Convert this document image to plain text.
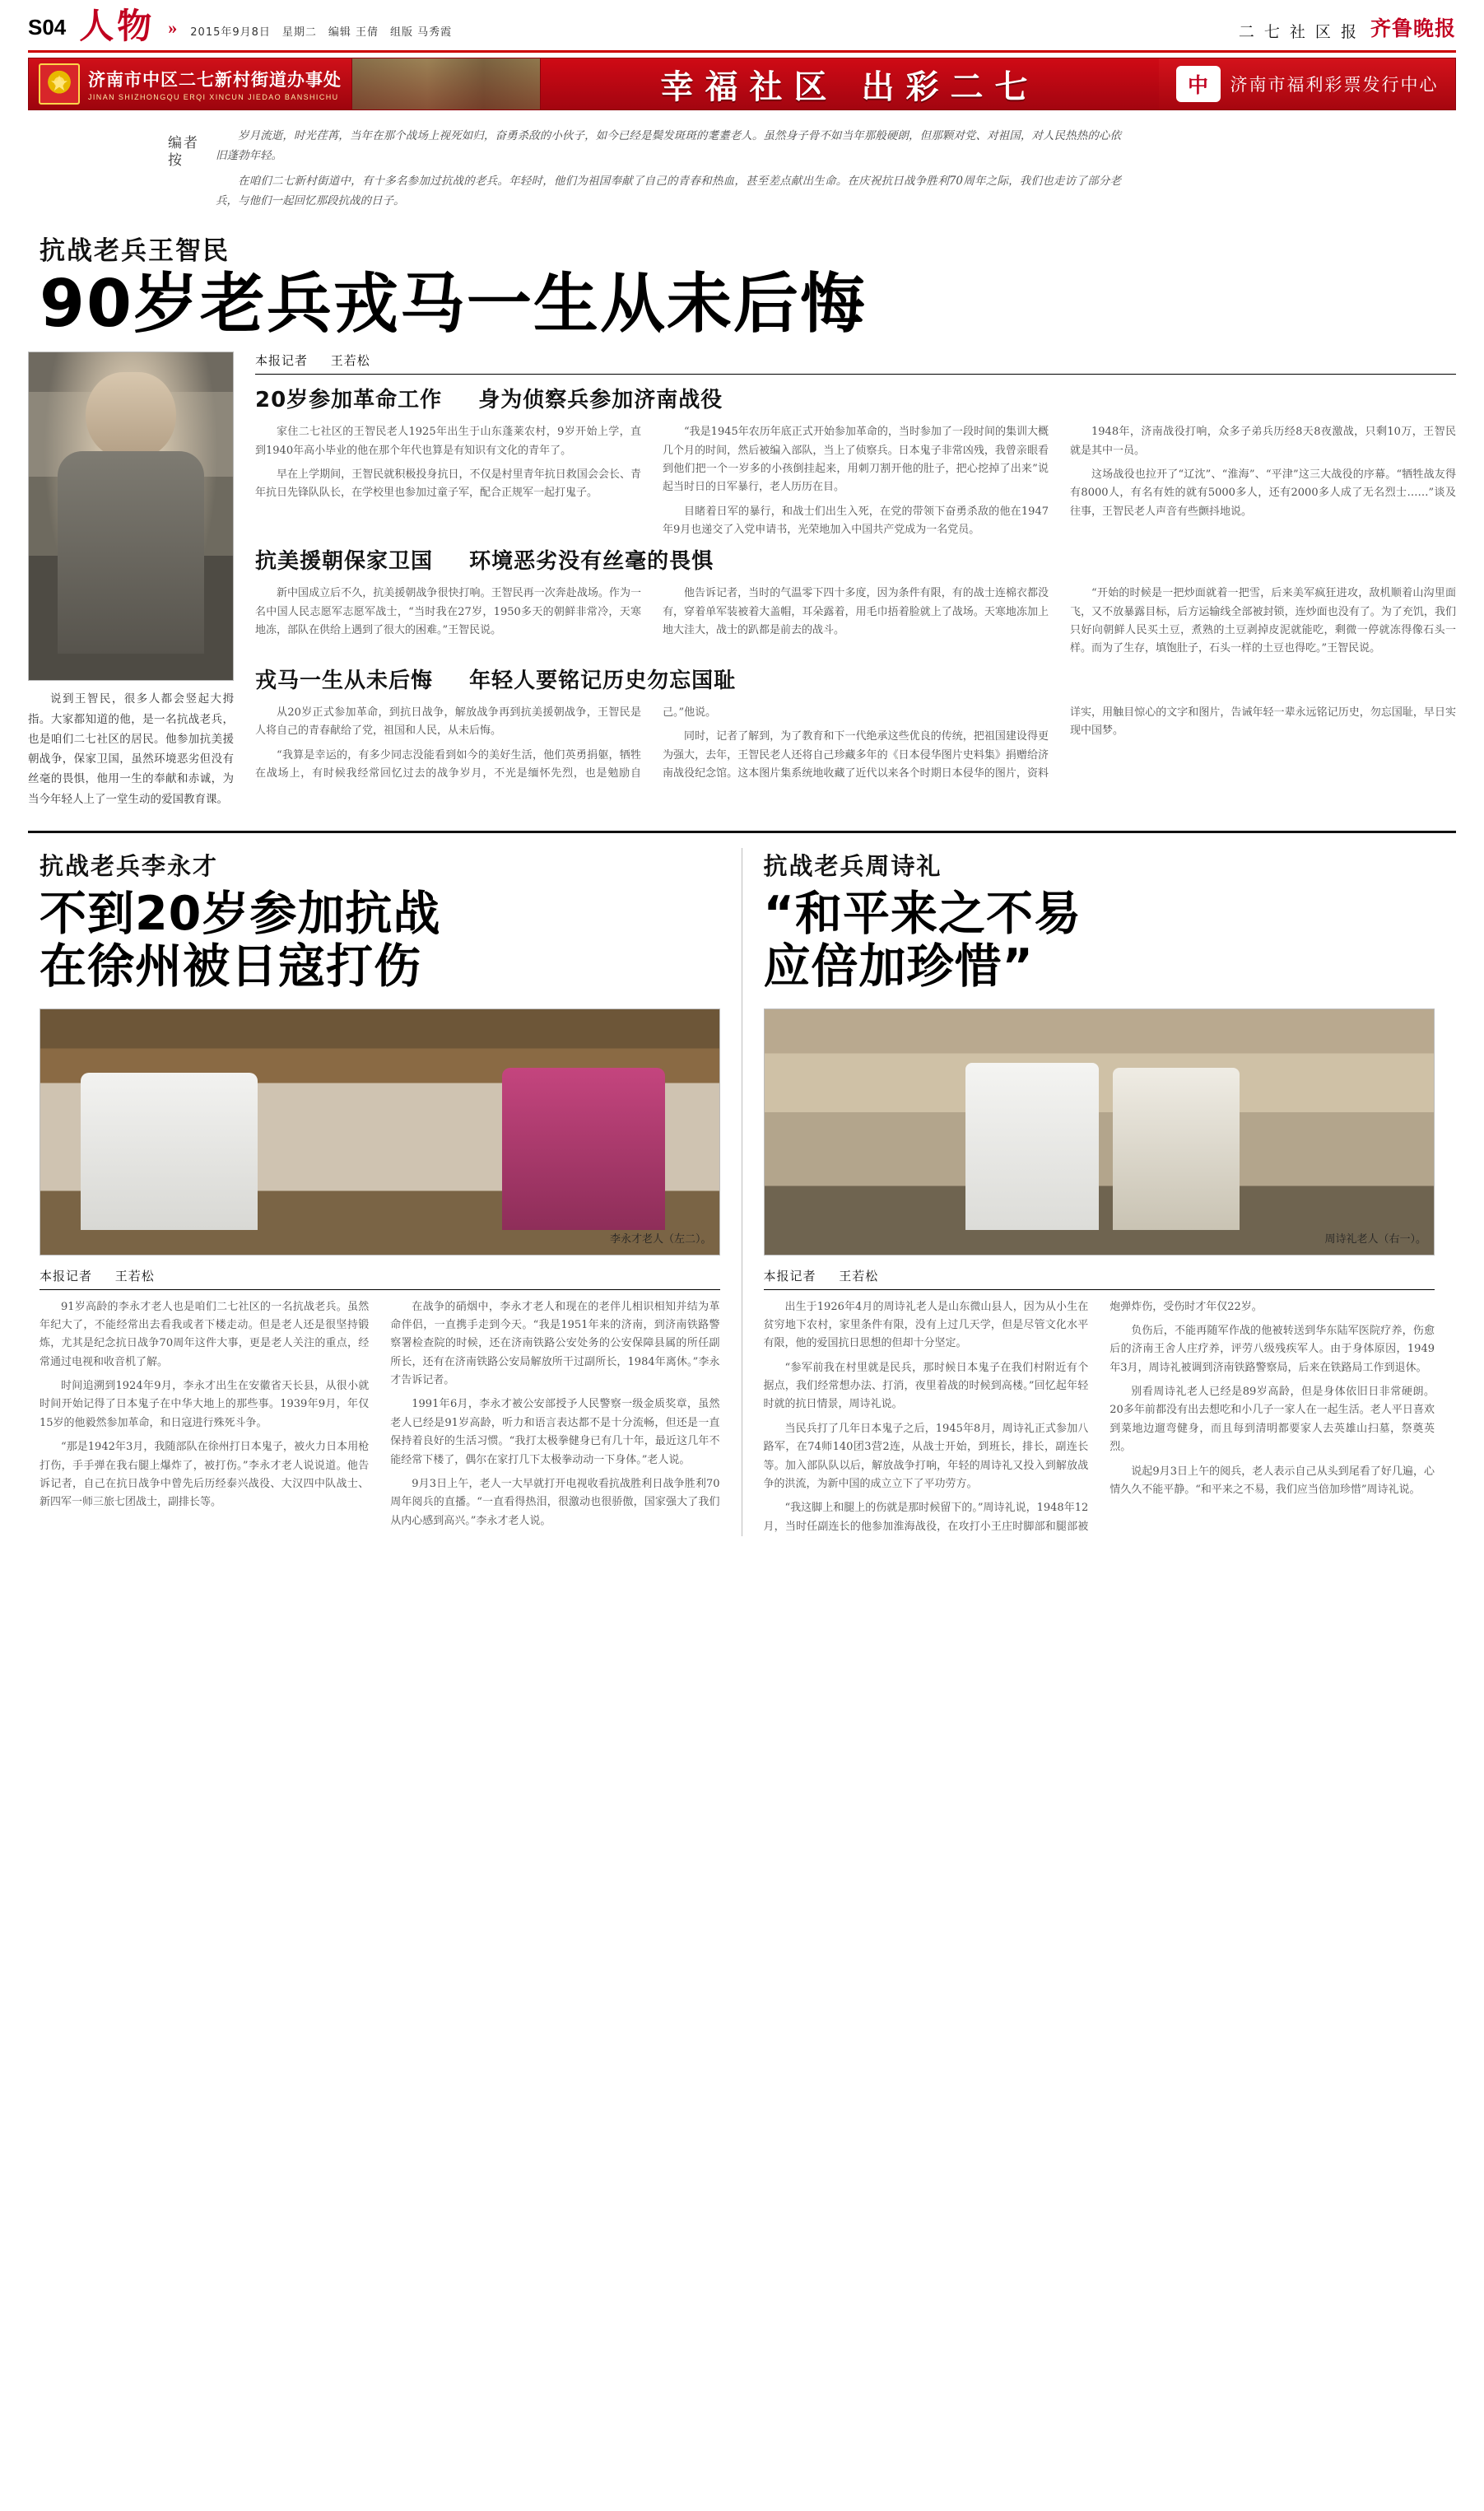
S04 人物 » 2015年9月8日　星期二　编辑 王倩　组版 马秀霞	二 七 社 区 报 齐鲁晚报
★
济南市中区二七新村街道办事处
JINAN SHIZHONGQU ERQI XINCUN JIEDAO BANSHICHU	幸福社区 出彩二七	中	济南市福利彩票发行中心
编者按

岁月流逝，时光荏苒，当年在那个战场上视死如归，奋勇杀敌的小伙子，如今已经是鬓发斑斑的耄耋老人。虽然身子骨不如当年那般硬朗，但那颗对党、对祖国，对人民热热的心依旧蓬勃年轻。

在咱们二七新村街道中，有十多名参加过抗战的老兵。年轻时，他们为祖国奉献了自己的青春和热血，甚至差点献出生命。在庆祝抗日战争胜利70周年之际，我们也走访了部分老兵，与他们一起回忆那段抗战的日子。

抗战老兵王智民
90岁老兵戎马一生从未后悔
说到王智民，很多人都会竖起大拇指。大家都知道的他，是一名抗战老兵，也是咱们二七社区的居民。他参加抗美援朝战争，保家卫国，虽然环境恶劣但没有丝毫的畏惧，他用一生的奉献和赤诚，为当今年轻人上了一堂生动的爱国教育课。
本报记者 王若松
20岁参加革命工作 身为侦察兵参加济南战役

家住二七社区的王智民老人1925年出生于山东蓬莱农村，9岁开始上学，直到1940年高小毕业的他在那个年代也算是有知识有文化的青年了。

早在上学期间，王智民就积极投身抗日，不仅是村里青年抗日救国会会长、青年抗日先锋队队长，在学校里也参加过童子军，配合正规军一起打鬼子。

“我是1945年农历年底正式开始参加革命的，当时参加了一段时间的集训大概几个月的时间，然后被编入部队，当上了侦察兵。日本鬼子非常凶残，我曾亲眼看到他们把一个一岁多的小孩倒挂起来，用刺刀割开他的肚子，把心挖掉了出来”说起当时日的日军暴行，老人历历在目。

目睹着日军的暴行，和战士们出生入死，在党的带领下奋勇杀敌的他在1947年9月也递交了入党申请书，光荣地加入中国共产党成为一名党员。

1948年，济南战役打响，众多子弟兵历经8天8夜激战，只剩10万，王智民就是其中一员。

这场战役也拉开了“辽沈”、“淮海”、“平津”这三大战役的序幕。“牺牲战友得有8000人，有名有姓的就有5000多人，还有2000多人成了无名烈士……”谈及往事，王智民老人声音有些颤抖地说。

抗美援朝保家卫国 环境恶劣没有丝毫的畏惧

新中国成立后不久，抗美援朝战争很快打响。王智民再一次奔赴战场。作为一名中国人民志愿军志愿军战士，“当时我在27岁，1950多天的朝鲜非常冷，天寒地冻，部队在供给上遇到了很大的困难。”王智民说。

他告诉记者，当时的气温零下四十多度，因为条件有限，有的战士连棉衣都没有，穿着单军装被着大盖帽，耳朵露着，用毛巾捂着脸就上了战场。天寒地冻加上地大洼大，战士的趴都是前去的战斗。

“开始的时候是一把炒面就着一把雪，后来美军疯狂进攻，敌机顺着山沟里面飞，又不放暴露目标，后方运输线全部被封锁，连炒面也没有了。为了充饥，我们只好向朝鲜人民买土豆，煮熟的土豆剥掉皮泥就能吃，剩微一停就冻得像石头一样。而为了生存，填饱肚子，石头一样的土豆也得吃。”王智民说。

戎马一生从未后悔 年轻人要铭记历史勿忘国耻

从20岁正式参加革命，到抗日战争，解放战争再到抗美援朝战争，王智民是人将自己的青春献给了党，祖国和人民，从未后悔。

“我算是幸运的，有多少同志没能看到如今的美好生活，他们英勇捐躯，牺牲在战场上，有时候我经常回忆过去的战争岁月，不光是缅怀先烈，也是勉励自己。”他说。

同时，记者了解到，为了教育和下一代绝承这些优良的传统，把祖国建设得更为强大，去年，王智民老人还将自己珍藏多年的《日本侵华图片史料集》捐赠给济南战役纪念馆。这本图片集系统地收藏了近代以来各个时期日本侵华的图片，资料详实，用触目惊心的文字和图片，告诫年轻一辈永远铭记历史，勿忘国耻，早日实现中国梦。

抗战老兵李永才
不到20岁参加抗战
在徐州被日寇打伤
李永才老人（左二）。
本报记者 王若松

91岁高龄的李永才老人也是咱们二七社区的一名抗战老兵。虽然年纪大了，不能经常出去看我或者下楼走动。但是老人还是很坚持锻炼，尤其是纪念抗日战争70周年这件大事，更是老人关注的重点，经常通过电视和收音机了解。

时间追溯到1924年9月，李永才出生在安徽省天长县，从很小就时间开始记得了日本鬼子在中华大地上的那些事。1939年9月，年仅15岁的他毅然参加革命，和日寇进行殊死斗争。

“那是1942年3月，我随部队在徐州打日本鬼子，被火力日本用枪打伤，手手弹在我右腿上爆炸了，被打伤。”李永才老人说说道。他告诉记者，自己在抗日战争中曾先后历经泰兴战役、大汉四中队战士、新四军一师三旅七团战士，副排长等。

在战争的硝烟中，李永才老人和现在的老伴儿相识相知并结为革命伴侣，一直携手走到今天。“我是1951年来的济南，到济南铁路警察署检查院的时候，还在济南铁路公安处务的公安保障县属的所任副所长，还有在济南铁路公安局解放所干过副所长，1984年离休。”李永才告诉记者。

1991年6月，李永才被公安部授予人民警察一级金质奖章，虽然老人已经是91岁高龄，听力和语言表达都不是十分流畅，但还是一直保持着良好的生活习惯。“我打太极拳健身已有几十年，最近这几年不能经常下楼了，偶尔在家打几下太极拳动动一下身体。”老人说。

9月3日上午，老人一大早就打开电视收看抗战胜利日战争胜利70周年阅兵的直播。“一直看得热泪，很激动也很骄傲，国家强大了我们从内心感到高兴。”李永才老人说。

抗战老兵周诗礼
“和平来之不易
应倍加珍惜”
周诗礼老人（右一）。
本报记者 王若松

出生于1926年4月的周诗礼老人是山东微山县人，因为从小生在贫穷地下农村，家里条件有限，没有上过几天学，但是尽管文化水平有限，他的爱国抗日思想的但却十分坚定。

“参军前我在村里就是民兵，那时候日本鬼子在我们村附近有个据点，我们经常想办法、打消，夜里着战的时候到高楼。”回忆起年轻时就的抗日情景，周诗礼说。

当民兵打了几年日本鬼子之后，1945年8月，周诗礼正式参加八路军，在74师140团3营2连，从战士开始，到班长，排长，副连长等。加入部队队以后，解放战争打响，年轻的周诗礼又投入到解放战争的洪流，为新中国的成立立下了平功劳方。

“我这脚上和腿上的伤就是那时候留下的。”周诗礼说，1948年12月，当时任副连长的他参加淮海战役，在攻打小王庄时脚部和腿部被炮弹炸伤，受伤时才年仅22岁。

负伤后，不能再随军作战的他被转送到华东陆军医院疗养，伤愈后的济南王舍人庄疗养，评劳八级残疾军人。由于身体原因，1949年3月，周诗礼被调到济南铁路警察局，后来在铁路局工作到退休。

别看周诗礼老人已经是89岁高龄，但是身体依旧日非常硬朗。20多年前都没有出去想吃和小几子一家人在一起生活。老人平日喜欢到菜地边遛弯健身，而且每到清明都要家人去英雄山扫墓，祭奠英烈。

说起9月3日上午的阅兵，老人表示自己从头到尾看了好几遍，心情久久不能平静。“和平来之不易，我们应当倍加珍惜”周诗礼说。
